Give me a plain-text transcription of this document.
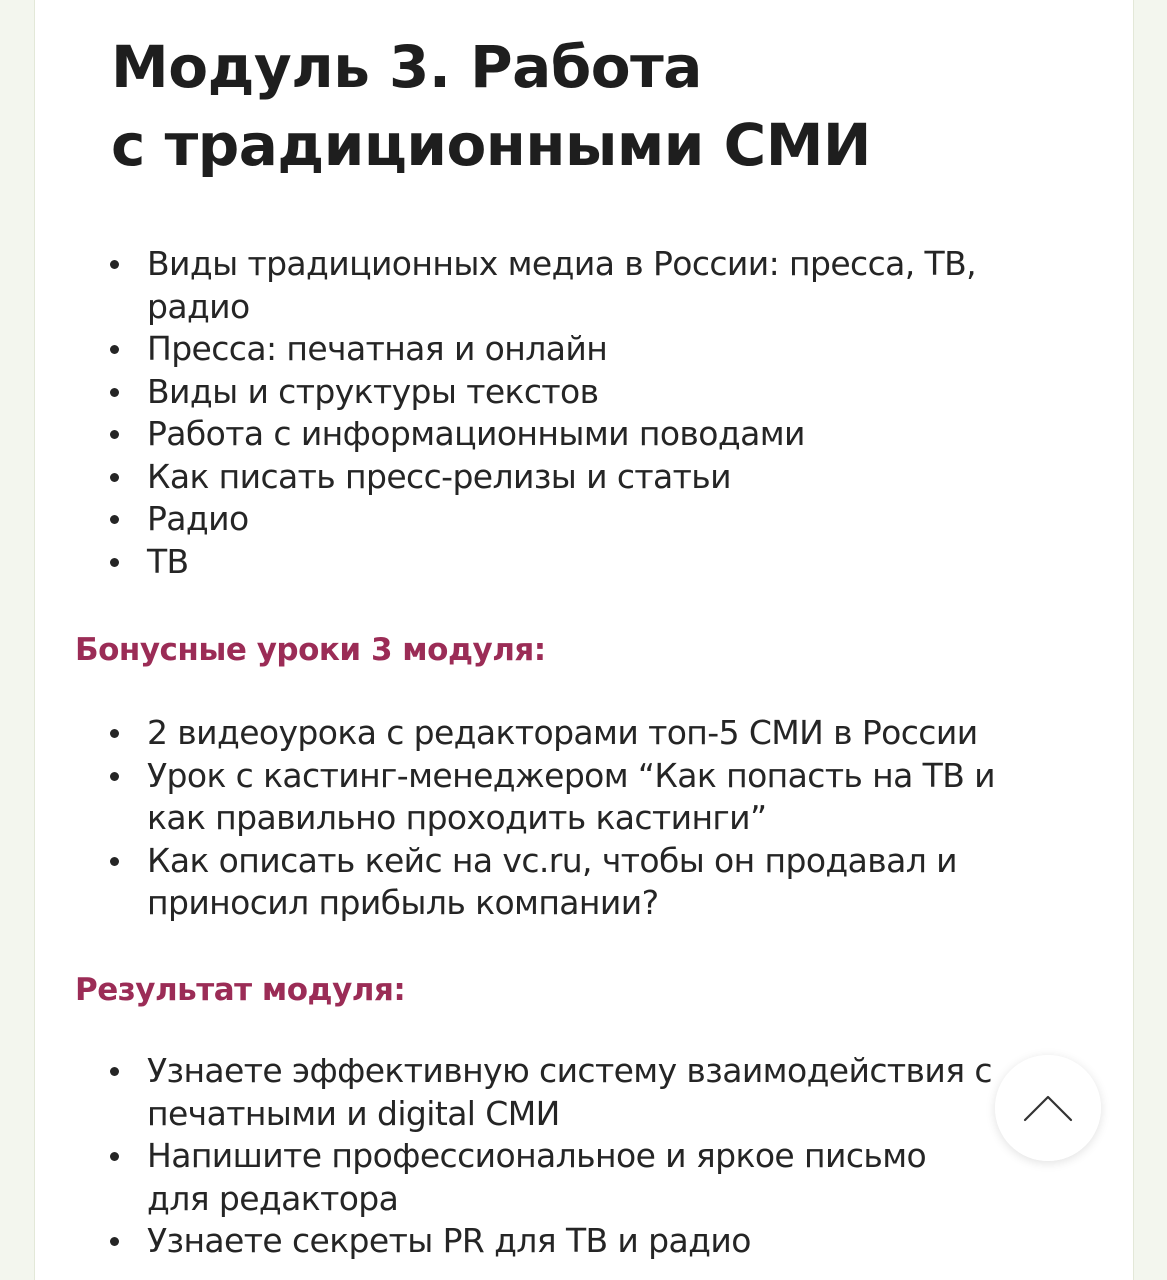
Модуль 3. Работа
с традиционными СМИ
Виды традиционных медиа в России: пресса, ТВ,
радио
Пресса: печатная и онлайн
Виды и структуры текстов
Работа с информационными поводами
Как писать пресс-релизы и статьи
Радио
ТВ
Бонусные уроки 3 модуля:
2 видеоурока с редакторами топ-5 СМИ в России
Урок с кастинг-менеджером “Как попасть на ТВ и
как правильно проходить кастинги”
Как описать кейс на vc.ru, чтобы он продавал и
приносил прибыль компании?
Результат модуля:
Узнаете эффективную систему взаимодействия с
печатными и digital СМИ
Напишите профессиональное и яркое письмо
для редактора
Узнаете секреты PR для ТВ и радио
